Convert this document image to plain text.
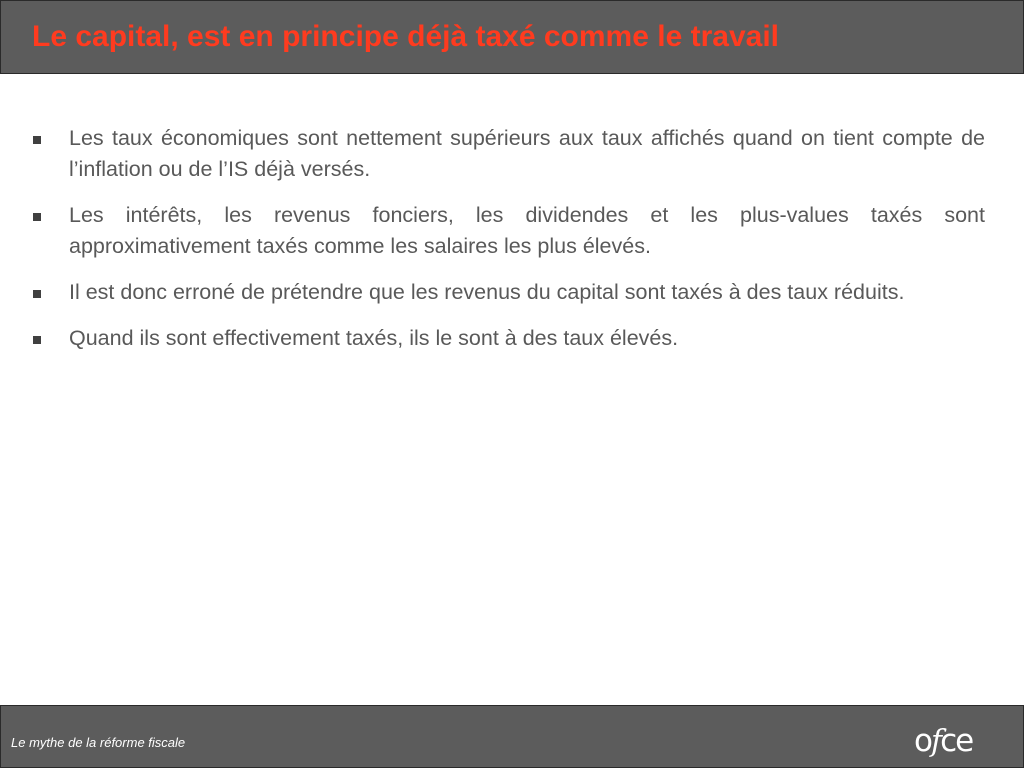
Le capital, est en principe déjà taxé comme le travail
Les taux économiques sont nettement supérieurs aux taux affichés quand on tient compte de l’inflation ou de l’IS déjà versés.
Les intérêts, les revenus fonciers, les dividendes et les plus-values taxés sont approximativement taxés comme les salaires les plus élevés.
Il est donc erroné de prétendre que les revenus du capital sont taxés à des taux réduits.
Quand ils sont effectivement taxés, ils le sont à des taux élevés.
Le mythe de la réforme fiscale	ofce
